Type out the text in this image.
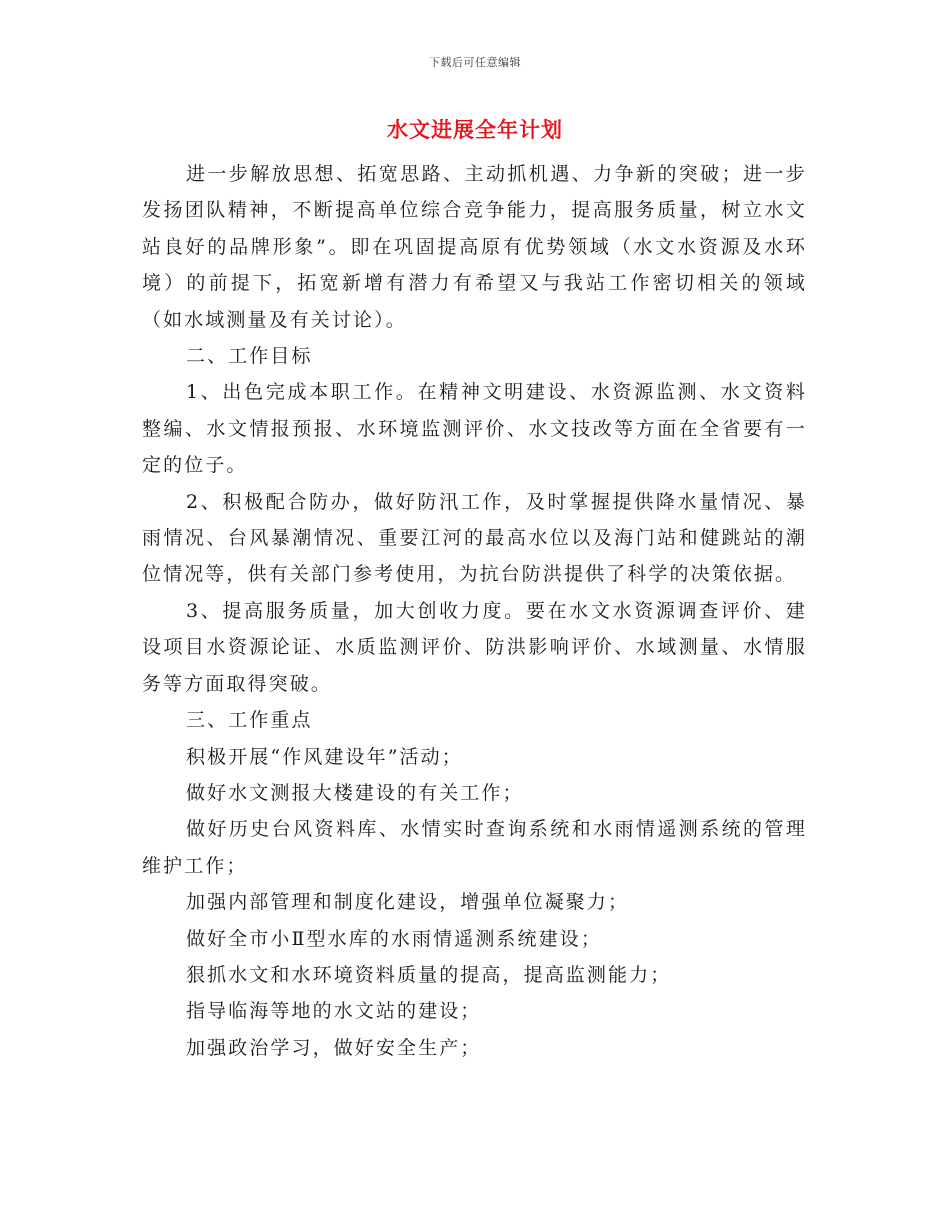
下载后可任意编辑
水文进展全年计划

进一步解放思想、拓宽思路、主动抓机遇、力争新的突破；进一步发扬团队精神，不断提高单位综合竞争能力，提高服务质量，树立水文站良好的品牌形象”。即在巩固提高原有优势领域（水文水资源及水环境）的前提下，拓宽新增有潜力有希望又与我站工作密切相关的领域（如水域测量及有关讨论）。

二、工作目标

1、出色完成本职工作。在精神文明建设、水资源监测、水文资料整编、水文情报预报、水环境监测评价、水文技改等方面在全省要有一定的位子。

2、积极配合防办，做好防汛工作，及时掌握提供降水量情况、暴雨情况、台风暴潮情况、重要江河的最高水位以及海门站和健跳站的潮位情况等，供有关部门参考使用，为抗台防洪提供了科学的决策依据。

3、提高服务质量，加大创收力度。要在水文水资源调查评价、建设项目水资源论证、水质监测评价、防洪影响评价、水域测量、水情服务等方面取得突破。

三、工作重点

积极开展“作风建设年”活动；

做好水文测报大楼建设的有关工作；

做好历史台风资料库、水情实时查询系统和水雨情遥测系统的管理维护工作；

加强内部管理和制度化建设，增强单位凝聚力；

做好全市小Ⅱ型水库的水雨情遥测系统建设；

狠抓水文和水环境资料质量的提高，提高监测能力；

指导临海等地的水文站的建设；

加强政治学习，做好安全生产；
